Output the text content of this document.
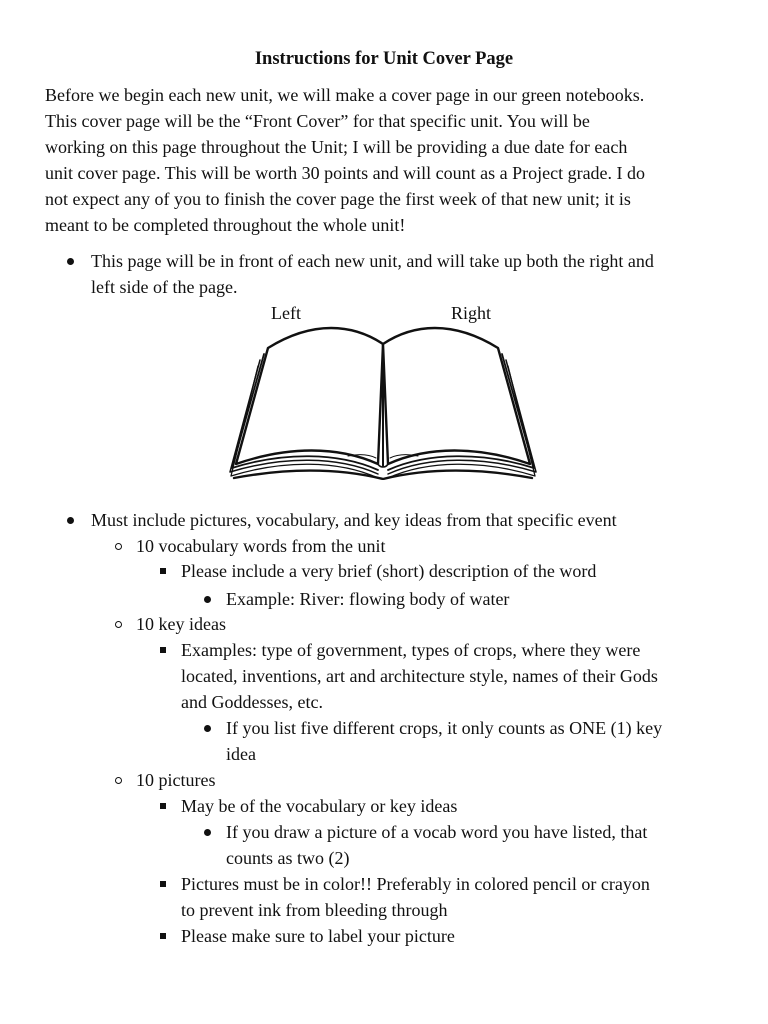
Instructions for Unit Cover Page
Before we begin each new unit, we will make a cover page in our green notebooks.
This cover page will be the “Front Cover” for that specific unit. You will be
working on this page throughout the Unit; I will be providing a due date for each
unit cover page. This will be worth 30 points and will count as a Project grade. I do
not expect any of you to finish the cover page the first week of that new unit; it is
meant to be completed throughout the whole unit!
This page will be in front of each new unit, and will take up both the right and
left side of the page.
Left	Right
Must include pictures, vocabulary, and key ideas from that specific event
10 vocabulary words from the unit
Please include a very brief (short) description of the word
Example: River: flowing body of water
10 key ideas
Examples: type of government, types of crops, where they were
located, inventions, art and architecture style, names of their Gods
and Goddesses, etc.
If you list five different crops, it only counts as ONE (1) key
idea
10 pictures
May be of the vocabulary or key ideas
If you draw a picture of a vocab word you have listed, that
counts as two (2)
Pictures must be in color!! Preferably in colored pencil or crayon
to prevent ink from bleeding through
Please make sure to label your picture
